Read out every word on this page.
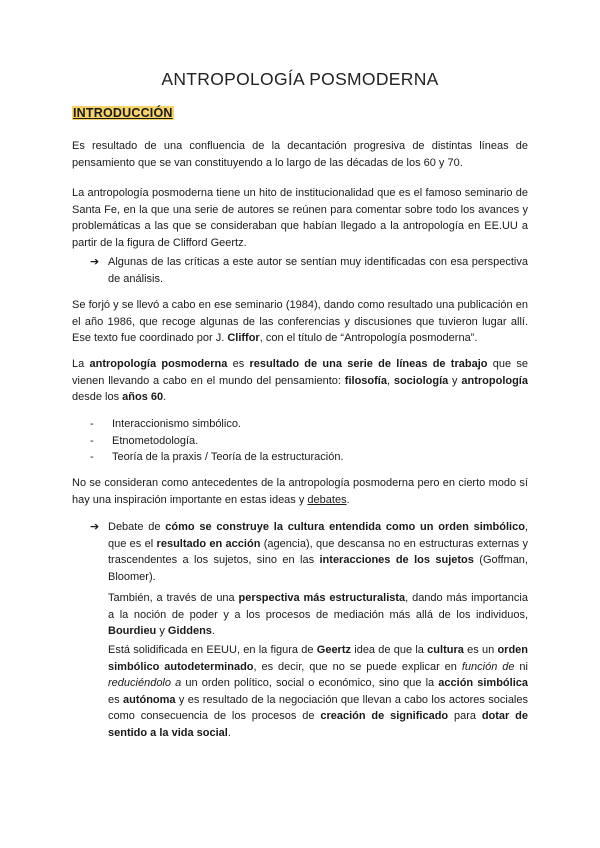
ANTROPOLOGÍA POSMODERNA
INTRODUCCIÓN

Es resultado de una confluencia de la decantación progresiva de distintas líneas de pensamiento que se van constituyendo a lo largo de las décadas de los 60 y 70.

La antropología posmoderna tiene un hito de institucionalidad que es el famoso seminario de Santa Fe, en la que una serie de autores se reúnen para comentar sobre todo los avances y problemáticas a las que se consideraban que habían llegado a la antropología en EE.UU a partir de la figura de Clifford Geertz.

➔ Algunas de las críticas a este autor se sentían muy identificadas con esa perspectiva de análisis.

Se forjó y se llevó a cabo en ese seminario (1984), dando como resultado una publicación en el año 1986, que recoge algunas de las conferencias y discusiones que tuvieron lugar allí. Ese texto fue coordinado por J. Cliffor, con el título de “Antropología posmoderna”.

La antropología posmoderna es resultado de una serie de líneas de trabajo que se vienen llevando a cabo en el mundo del pensamiento: filosofía, sociología y antropología desde los años 60.

- Interaccionismo simbólico.
- Etnometodología.
- Teoría de la praxis / Teoría de la estructuración.

No se consideran como antecedentes de la antropología posmoderna pero en cierto modo sí hay una inspiración importante en estas ideas y debates.

➔ Debate de cómo se construye la cultura entendida como un orden simbólico, que es el resultado en acción (agencia), que descansa no en estructuras externas y trascendentes a los sujetos, sino en las interacciones de los sujetos (Goffman, Bloomer).

También, a través de una perspectiva más estructuralista, dando más importancia a la noción de poder y a los procesos de mediación más allá de los individuos, Bourdieu y Giddens.

Está solidificada en EEUU, en la figura de Geertz idea de que la cultura es un orden simbólico autodeterminado, es decir, que no se puede explicar en función de ni reduciéndolo a un orden político, social o económico, sino que la acción simbólica es autónoma y es resultado de la negociación que llevan a cabo los actores sociales como consecuencia de los procesos de creación de significado para dotar de sentido a la vida social.
